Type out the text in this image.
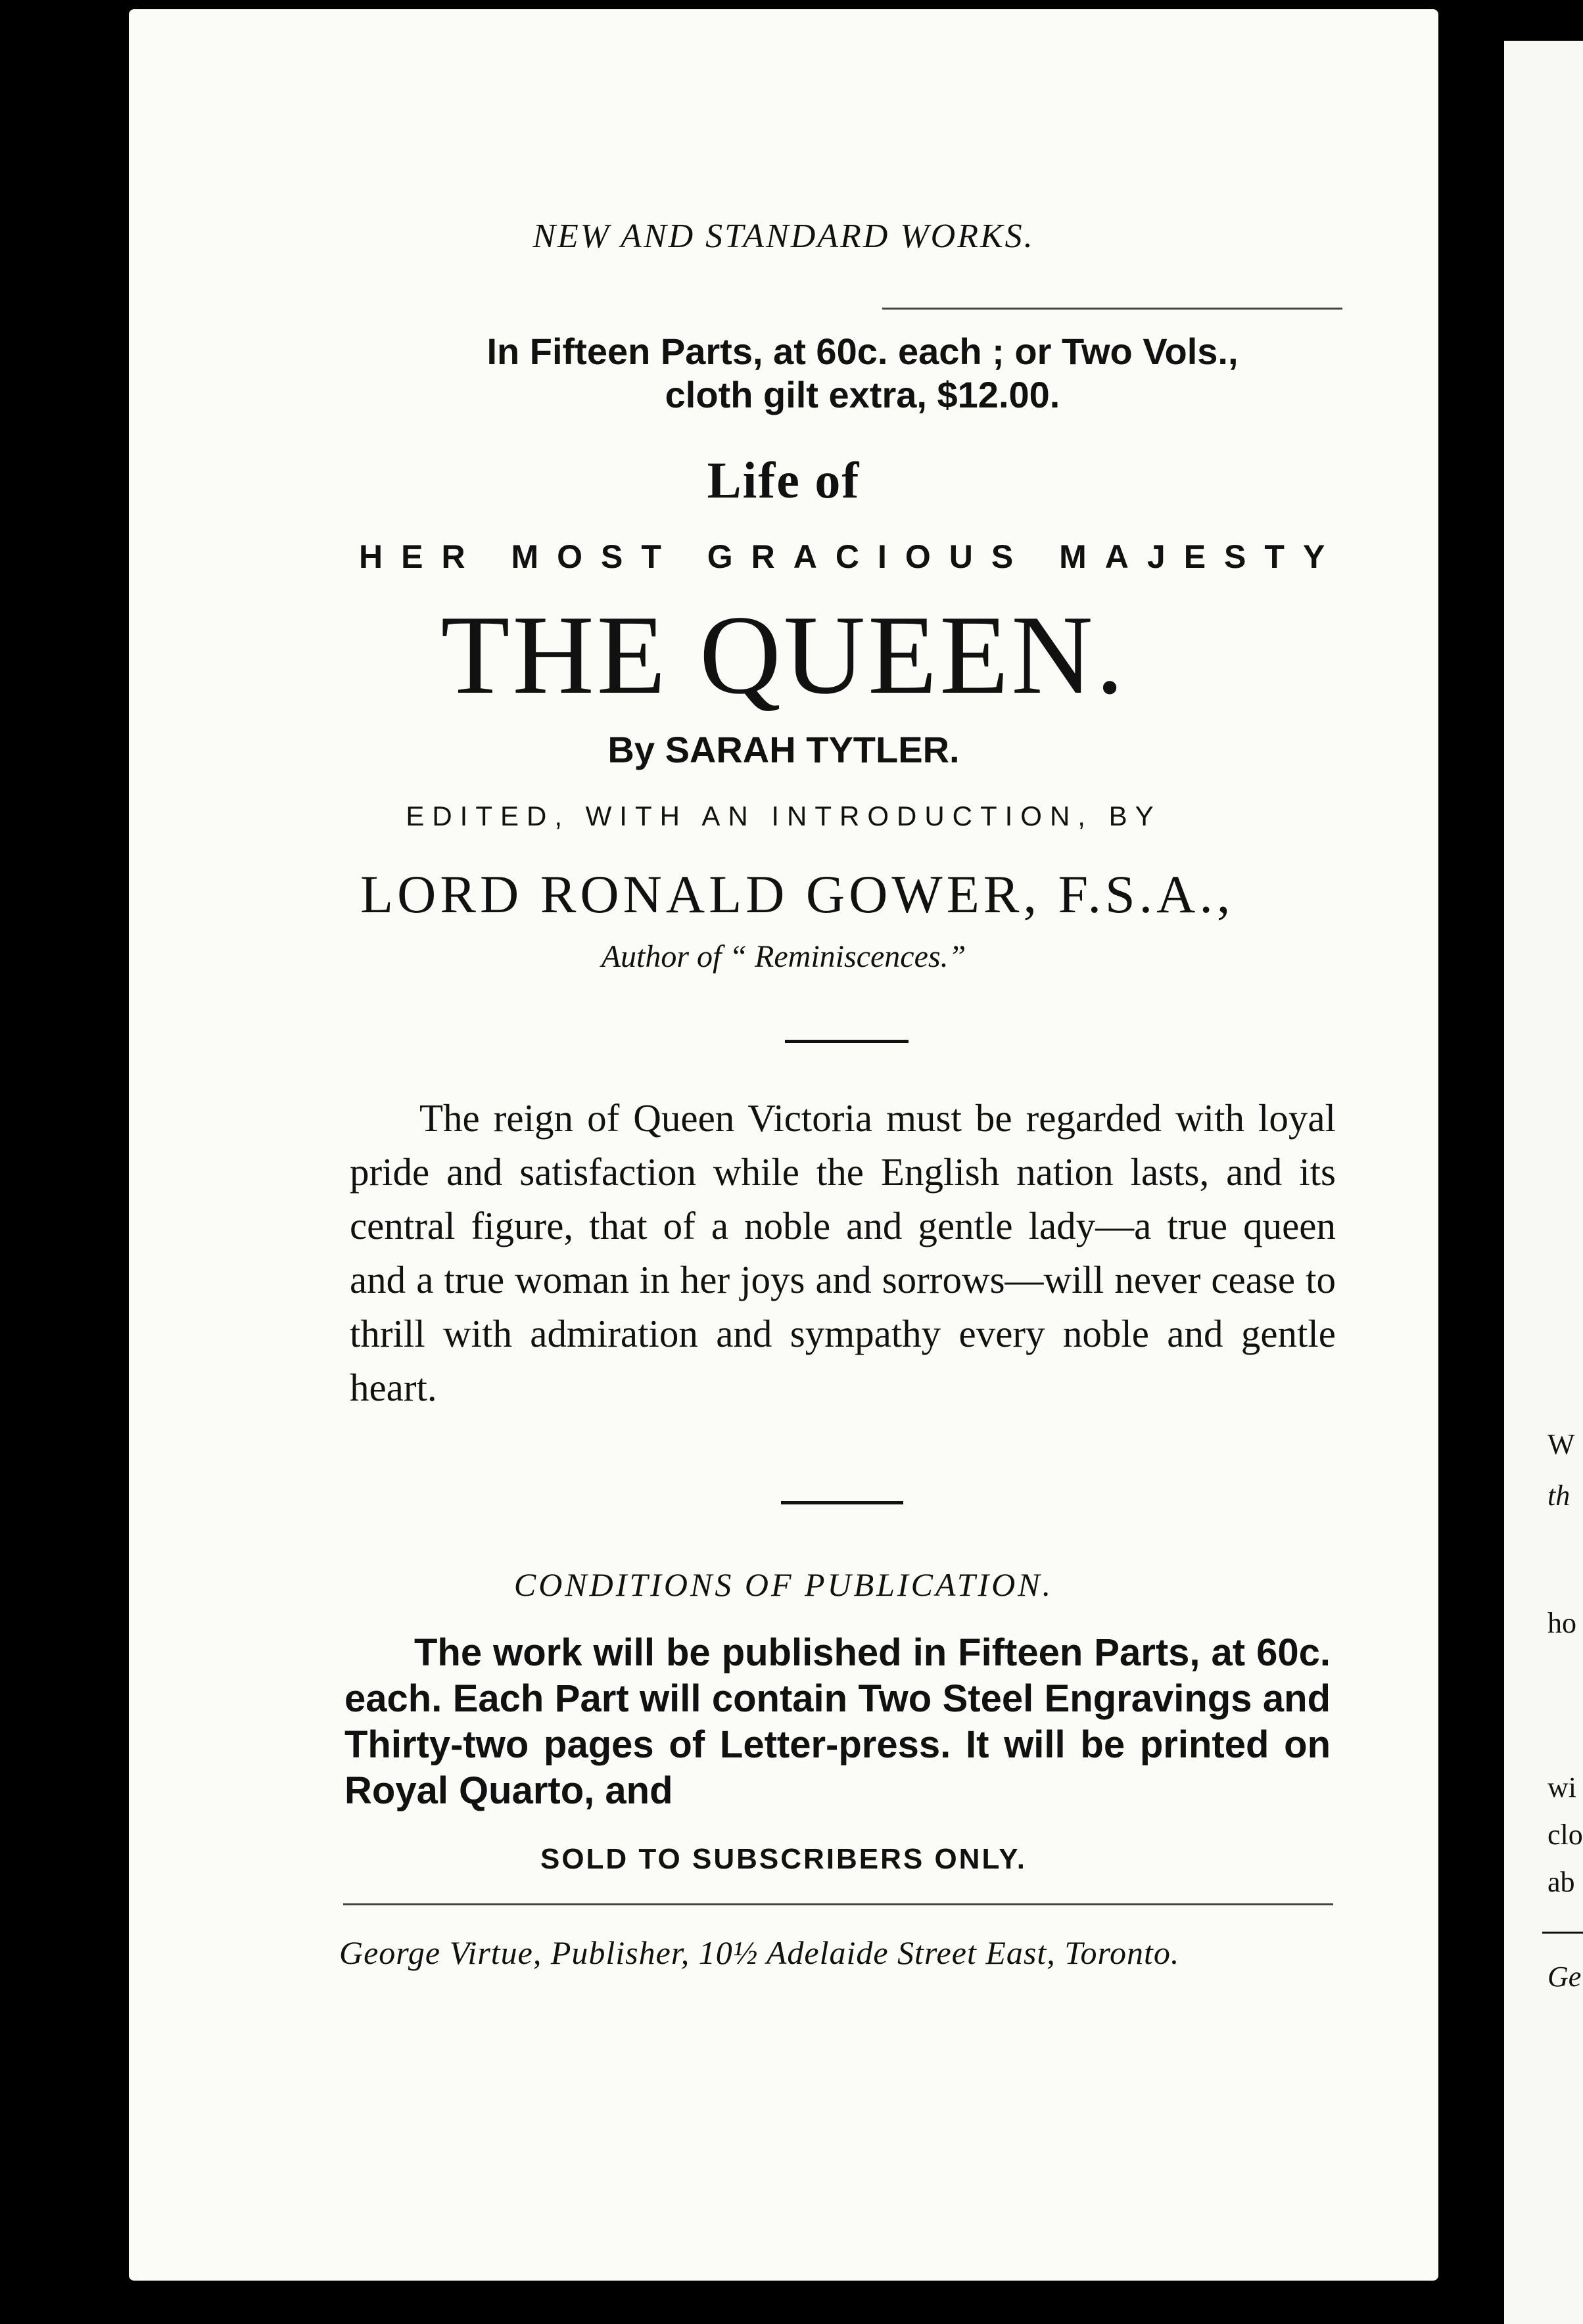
W
th
ho
wi
clo
ab
Ge
NEW AND STANDARD WORKS.
In Fifteen Parts, at 60c. each ; or Two Vols.,
cloth gilt extra, $12.00.
Life of
HER MOST GRACIOUS MAJESTY
THE QUEEN.
By SARAH TYTLER.
EDITED, WITH AN INTRODUCTION, BY
LORD RONALD GOWER, F.S.A.,
Author of “ Reminiscences.”

The reign of Queen Victoria must be regarded with loyal pride and satisfaction while the English nation lasts, and its central figure, that of a noble and gentle lady—a true queen and a true woman in her joys and sorrows—will never cease to thrill with admiration and sympathy every noble and gentle heart.

CONDITIONS OF PUBLICATION.

The work will be published in Fifteen Parts, at 60c. each. Each Part will contain Two Steel Engravings and Thirty-two pages of Letter-press. It will be printed on Royal Quarto, and

SOLD TO SUBSCRIBERS ONLY.
George Virtue, Publisher, 10½ Adelaide Street East, Toronto.
